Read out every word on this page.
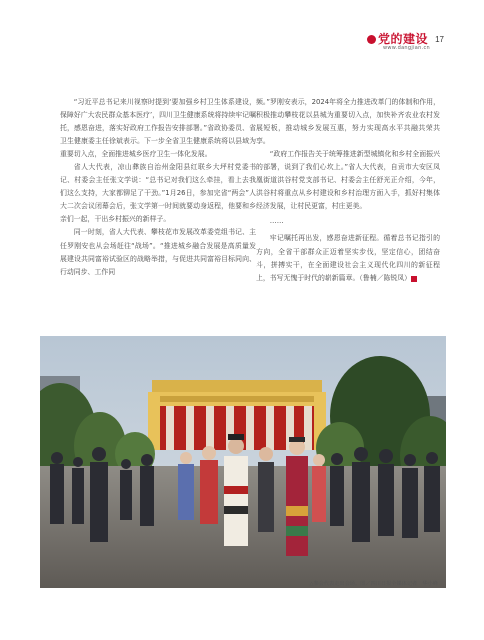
党的建设
www.dangjian.cn
17

“习近平总书记来川视察时提到‘要加强乡村卫生体系建设，保障好广大农民群众基本医疗’，四川卫生健康系统将持续牢记嘱托，感恩奋进，落实好政府工作报告安排部署。”省政协委员、省卫生健康委主任徐斌表示。下一步全省卫生健康系统将以县域为重要切入点，全面推进城乡医疗卫生一体化发展。

省人大代表，凉山彝族自治州金阳县红联乡大坪村党委书记、村委会主任张文学说：“总书记对我们这么牵挂，看上去我们这么支持，大家都铆足了干劲。”1月26日，参加完省“两会”人大二次会议闭幕会后，张文学第一时间就要动身返程，他要和乡亲们一起，干出乡村振兴的新样子。

同一时刻，省人大代表、攀枝花市发展改革委党组书记、主任罗刚安也从会场赶往“战场”。“推进城乡融合发展是高质量发展建设共同富裕试验区的战略举措，与促进共同富裕目标同向、行动同步、工作同

频。”罗刚安表示，2024年将全力推进改革门的体制和作用，积极推动攀枝花以县城为重要切入点，加快补齐农业农村发展短板，推动城乡发展互惠，努力实现高水平共融共荣共享。

“政府工作报告关于统筹推进新型城镇化和乡村全面振兴的部署，说到了我们心坎上。”省人大代表，自贡市大安区凤凰街道洪谷村党支部书记、村委会主任舒光正介绍，今年，洪谷村将重点从乡村建设和乡村治理方面入手，抓好村集体经济发展，让村民更富，村庄更美。

……

牢记嘱托再出发，感恩奋进新征程。循着总书记指引的方向，全省干部群众正迈着坚实步伐，坚定信心，团结奋斗，拼搏实干，在全面建设社会主义现代化四川的新征程上，书写无愧于时代的崭新篇章。（鲁楠／陈锐凤）	■

△参会代表走出会场。图／四川日报全媒体记者　华小峰
